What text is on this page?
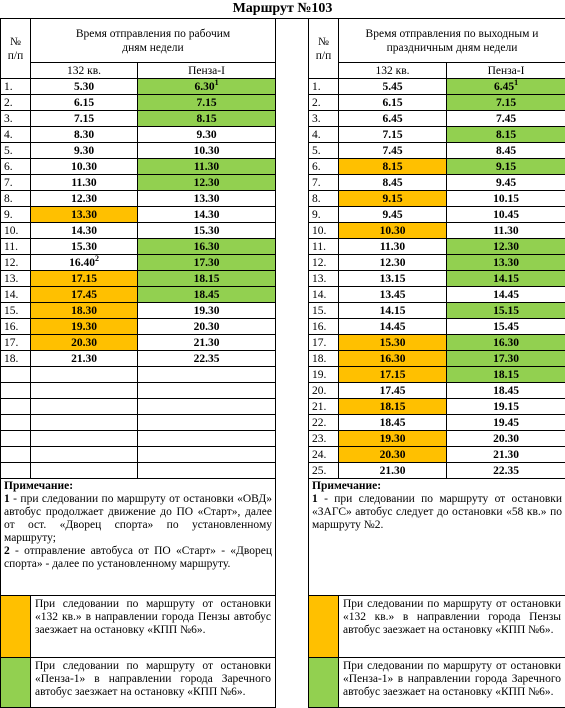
Маршрут №103
№
п/п	Время отправления по рабочим дням недели	
	132 кв.	Пенза-I
1.	5.30	6.30$^1$
2.	6.15	7.15
3.	7.15	8.15
4.	8.30	9.30
5.	9.30	10.30
6.	10.30	11.30
7.	11.30	12.30
8.	12.30	13.30
9.	13.30	14.30
10.	14.30	15.30
11.	15.30	16.30
12.	16.40$^2$	17.30
13.	17.15	18.15
14.	17.45	18.45
15.	18.30	19.30
16.	19.30	20.30
17.	20.30	21.30
18.	21.30	22.35

Примечание:
1 - при следовании по маршруту от остановки «ОВД» автобус продолжает движение до ПО «Старт», далее от ост. «Дворец спорта» по установленному маршруту;
2 - отправление автобуса от ПО «Старт» - «Дворец спорта» - далее по установленному маршруту.		
	При следовании по маршруту от остановки «132 кв.» в направлении города Пензы автобус заезжает на остановку «КПП №6».	
	При следовании по маршруту от остановки «Пенза-1» в направлении города Заречного автобус заезжает на остановку «КПП №6».	
№
п/п	Время отправления по выходным и праздничным дням недели	
	132 кв.	Пенза-I
1.	5.45	6.45$^1$
2.	6.15	7.15
3.	6.45	7.45
4.	7.15	8.15
5.	7.45	8.45
6.	8.15	9.15
7.	8.45	9.45
8.	9.15	10.15
9.	9.45	10.45
10.	10.30	11.30
11.	11.30	12.30
12.	12.30	13.30
13.	13.15	14.15
14.	13.45	14.45
15.	14.15	15.15
16.	14.45	15.45
17.	15.30	16.30
18.	16.30	17.30
19.	17.15	18.15
20.	17.45	18.45
21.	18.15	19.15
22.	18.45	19.45
23.	19.30	20.30
24.	20.30	21.30
25.	21.30	22.35
Примечание:
1 - при следовании по маршруту от остановки «ЗАГС» автобус следует до остановки «58 кв.» по маршруту №2.		
	При следовании по маршруту от остановки «132 кв.» в направлении города Пензы автобус заезжает на остановку «КПП №6».	
	При следовании по маршруту от остановки «Пенза-1» в направлении города Заречного автобус заезжает на остановку «КПП №6».	
